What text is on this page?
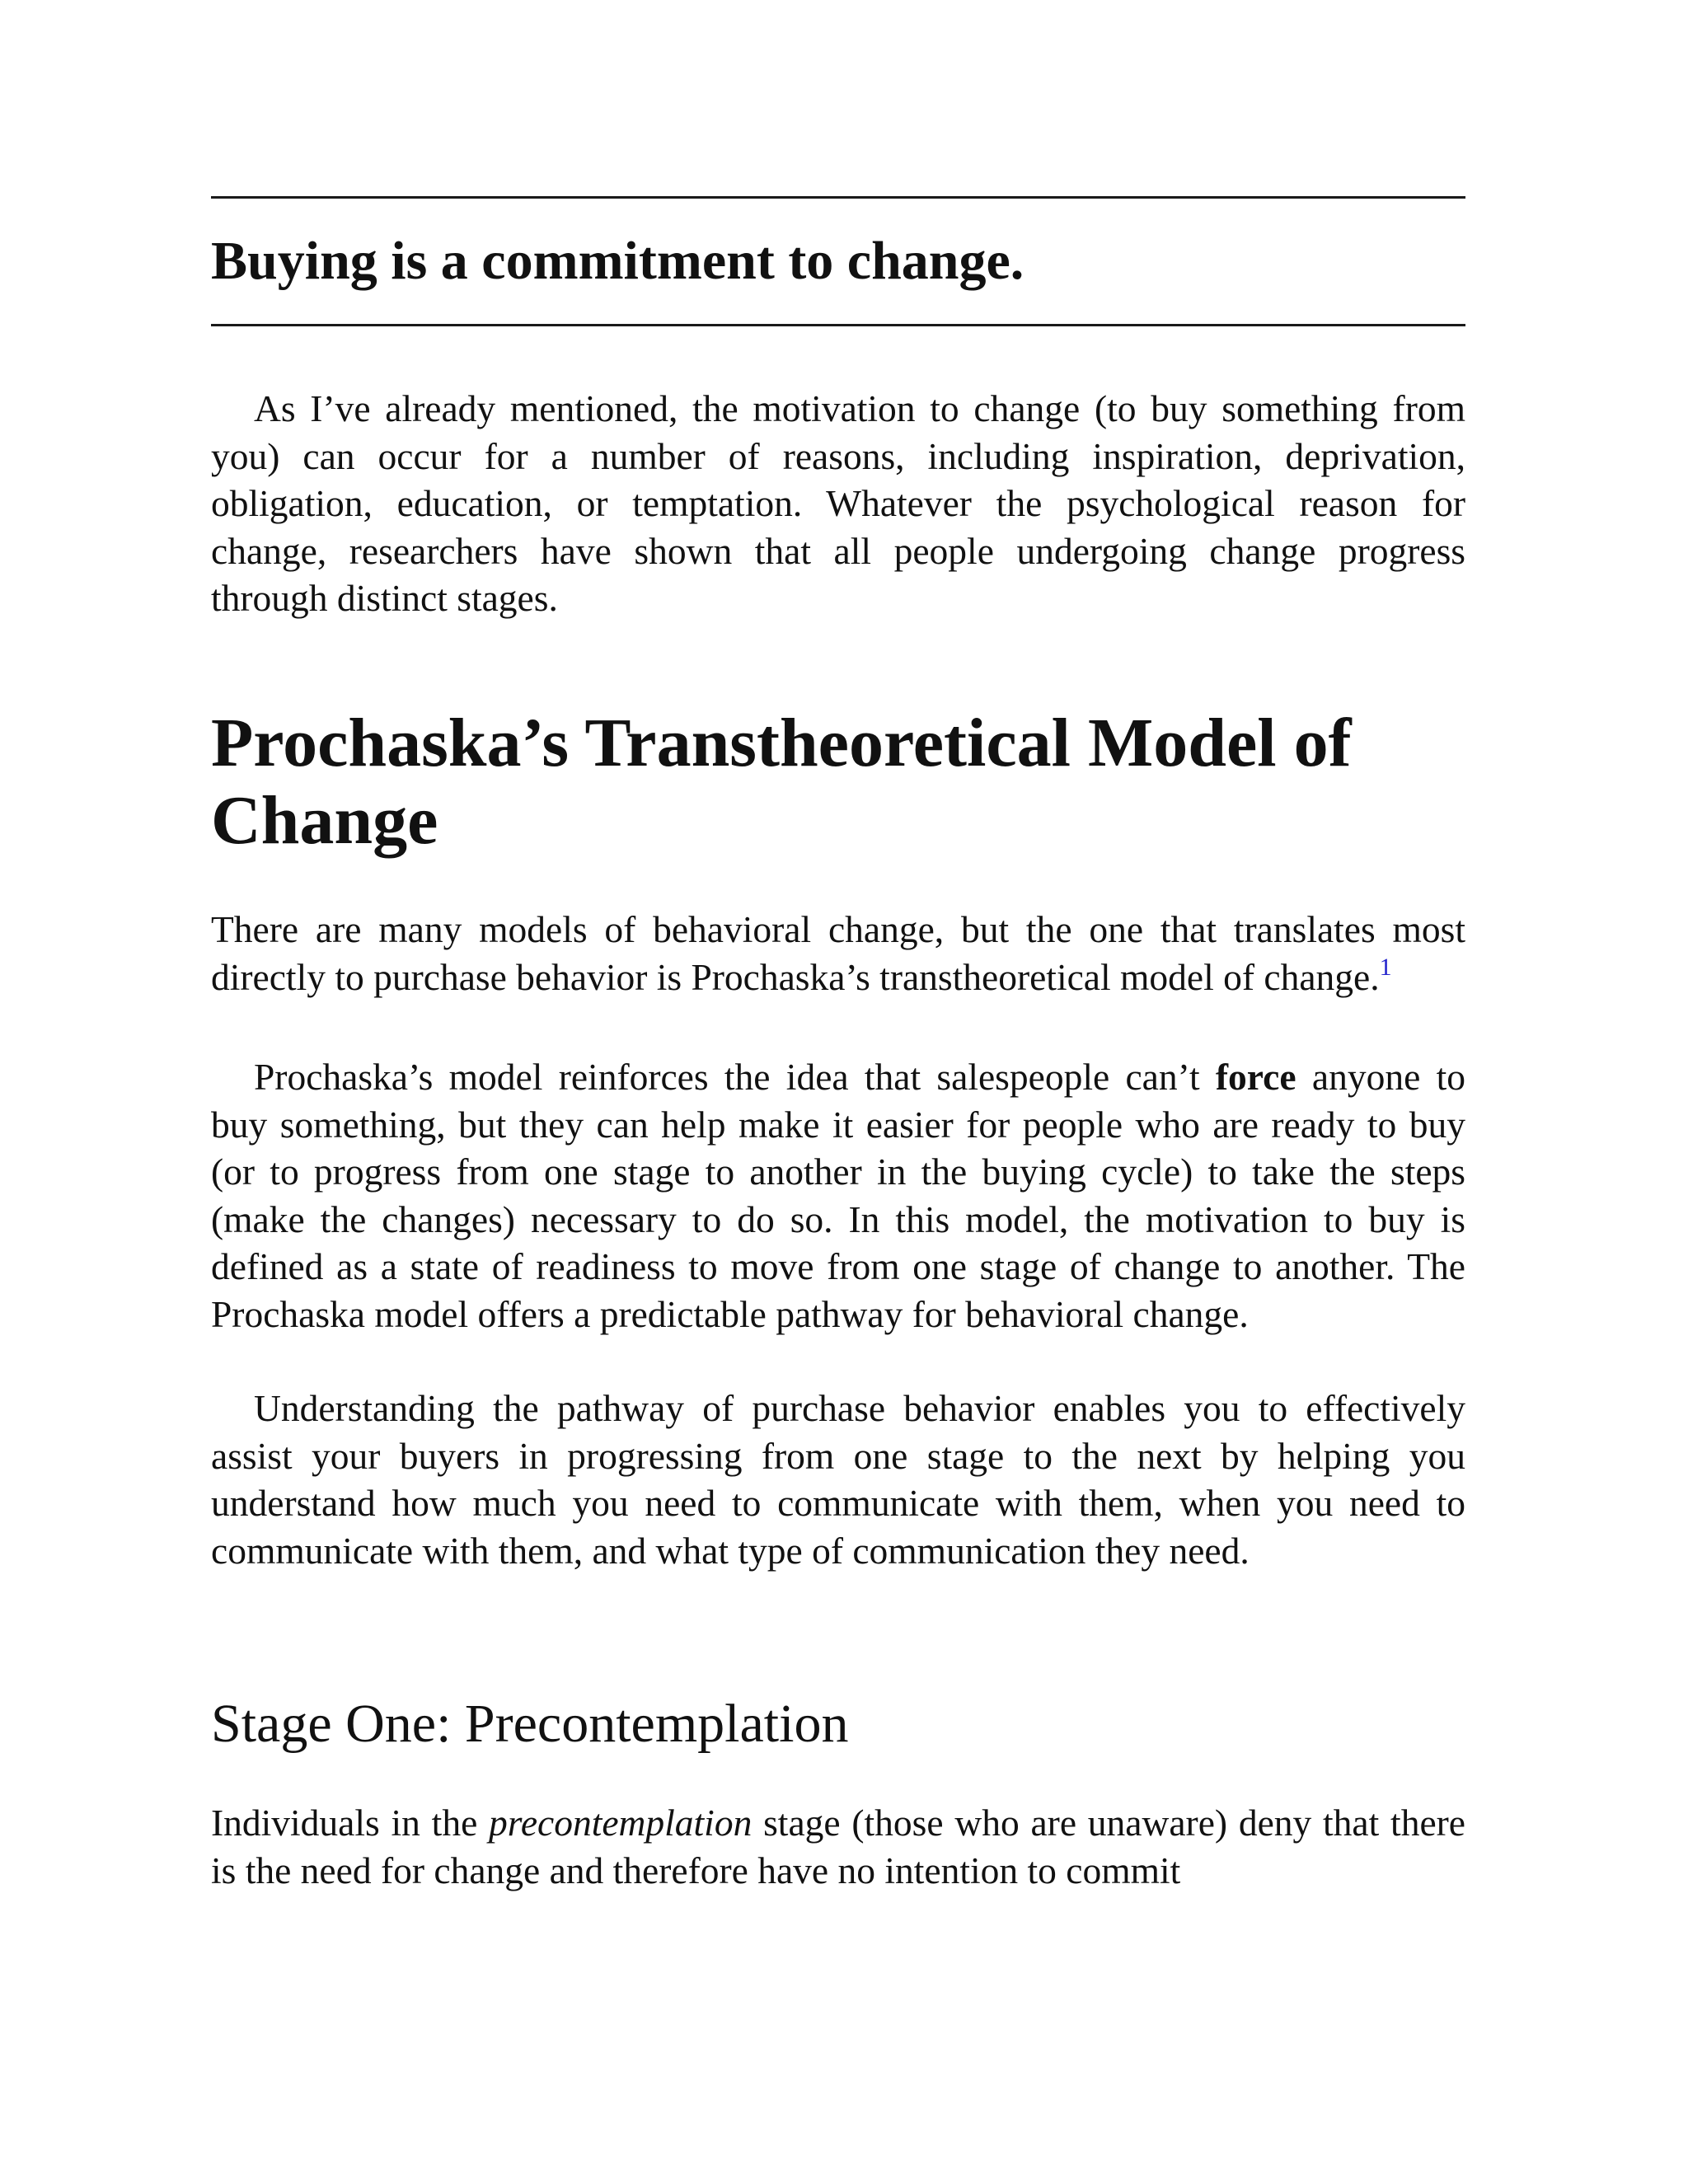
Buying is a commitment to change.

As I’ve already mentioned, the motivation to change (to buy something from you) can occur for a number of reasons, including inspiration, deprivation, obligation, education, or temptation. Whatever the psychological reason for change, researchers have shown that all people undergoing change progress through distinct stages.

Prochaska’s Transtheoretical Model of Change

There are many models of behavioral change, but the one that translates most directly to purchase behavior is Prochaska’s transtheoretical model of change.$^1$

Prochaska’s model reinforces the idea that salespeople can’t force anyone to buy something, but they can help make it easier for people who are ready to buy (or to progress from one stage to another in the buying cycle) to take the steps (make the changes) necessary to do so. In this model, the motivation to buy is defined as a state of readiness to move from one stage of change to another. The Prochaska model offers a predictable pathway for behavioral change.

Understanding the pathway of purchase behavior enables you to effectively assist your buyers in progressing from one stage to the next by helping you understand how much you need to communicate with them, when you need to communicate with them, and what type of communication they need.

Stage One: Precontemplation

Individuals in the precontemplation stage (those who are unaware) deny that there is the need for change and therefore have no intention to commit
